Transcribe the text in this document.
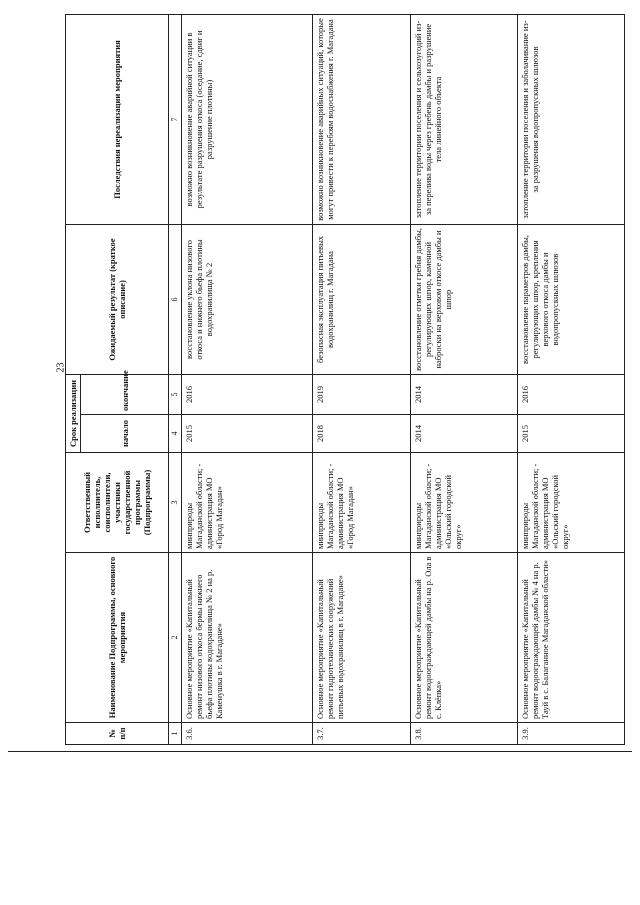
23
№ п/п	Наименование Подпрограммы, основного мероприятия	Ответственный исполнитель, соисполнители, участники государственной программы (Подпрограммы)	Срок реализации		Ожидаемый результат (краткое описание)	Последствия нереализации мероприятия
			начало	окончание		
1	2	3	4	5	6	7
3.6.	Основное мероприятие «Капитальный ремонт низового откоса бермы нижнего бьефа плотины водохранилища № 2 на р. Каменушка в г. Магадане»	минприроды Магаданской области; - администрация МО «Город Магадан»	2015	2016	восстановление уклона низового откоса и нижнего бьефа плотины водохранилища № 2	возможно возникновение аварийной ситуации в результате разрушения откоса (оседание, сдвиг и разрушение плотины)
3.7.	Основное мероприятие «Капитальный ремонт гидротехнических сооружений питьевых водохранилищ в г. Магадане»	минприроды Магаданской области; - администрация МО «Город Магадан»	2018	2019	безопасная эксплуатация питьевых водохранилищ г. Магадана	возможно возникновение аварийных ситуаций, которые могут привести к перебоям водоснабжения г. Магадана
3.8.	Основное мероприятие «Капитальный ремонт водоограждающей дамбы на р. Ола в с. Клёпка»	минприроды Магаданской области; - администрация МО «Ольский городской округ»	2014	2014	восстановление отметки гребня дамбы, регулирующих шпор, каменной наброски на верховом откосе дамбы и шпор	затопление территории поселения и сельхозугодий из-за перелива воды через гребень дамбы и разрушение тела линейного объекта
3.9.	Основное мероприятие «Капитальный ремонт водоограждающей дамбы № 4 на р. Тауй в с. Балаганное Магаданской области»	минприроды Магаданской области; - администрация МО «Ольский городской округ»	2015	2016	восстановление параметров дамбы, регулирующих шпор, крепления верхового откоса дамбы и водопропускных шлюзов	затопление территории поселения и заболачивание из-за разрушения водопропускных шлюзов
